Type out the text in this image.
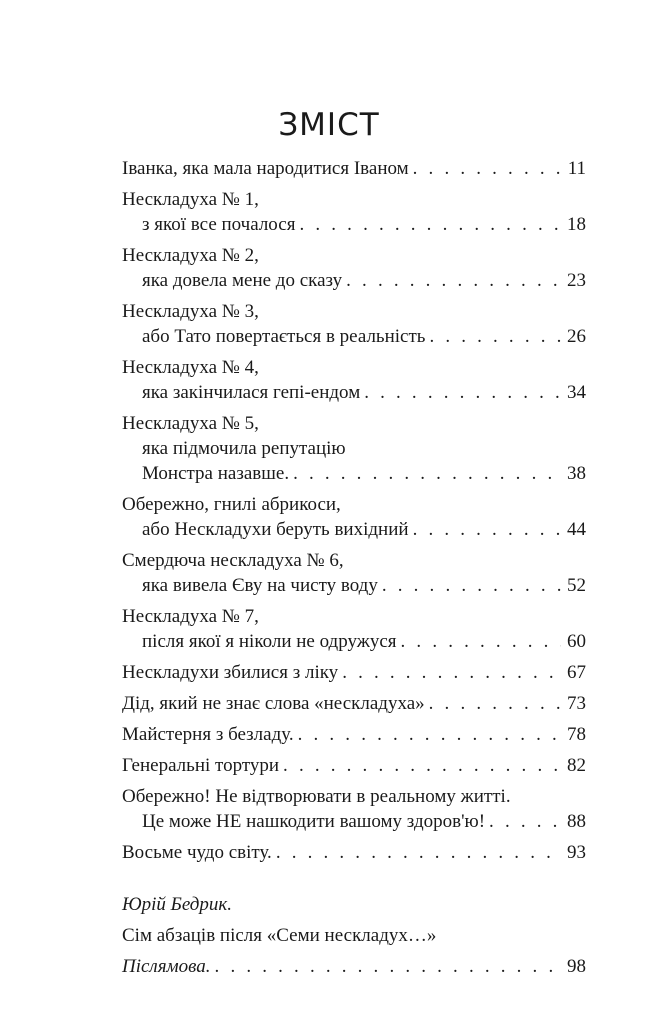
ЗМІСТ
Іванка, яка мала народитися Іваном . . .	11
Нескладуха № 1,
з якої все почалося . . .	18
Нескладуха № 2,
яка довела мене до сказу . . .	23
Нескладуха № 3,
або Тато повертається в реальність . . .	26
Нескладуха № 4,
яка закінчилася гепі-ендом . . .	34
Нескладуха № 5,
яка підмочила репутацію
Монстра назавше. . . .	38
Обережно, гнилі абрикоси,
або Нескладухи беруть вихідний . . .	44
Смердюча нескладуха № 6,
яка вивела Єву на чисту воду . . .	52
Нескладуха № 7,
після якої я ніколи не одружуся . . .	60
Нескладухи збилися з ліку . . .	67
Дід, який не знає слова «нескладуха» . . .	73
Майстерня з безладу. . . .	78
Генеральні тортури . . .	82
Обережно! Не відтворювати в реальному житті.
Це може НЕ нашкодити вашому здоров'ю! . . .	88
Восьме чудо світу. . . .	93
Юрій Бедрик.
Сім абзаців після «Семи нескладух…»
Післямова. . . .	98
